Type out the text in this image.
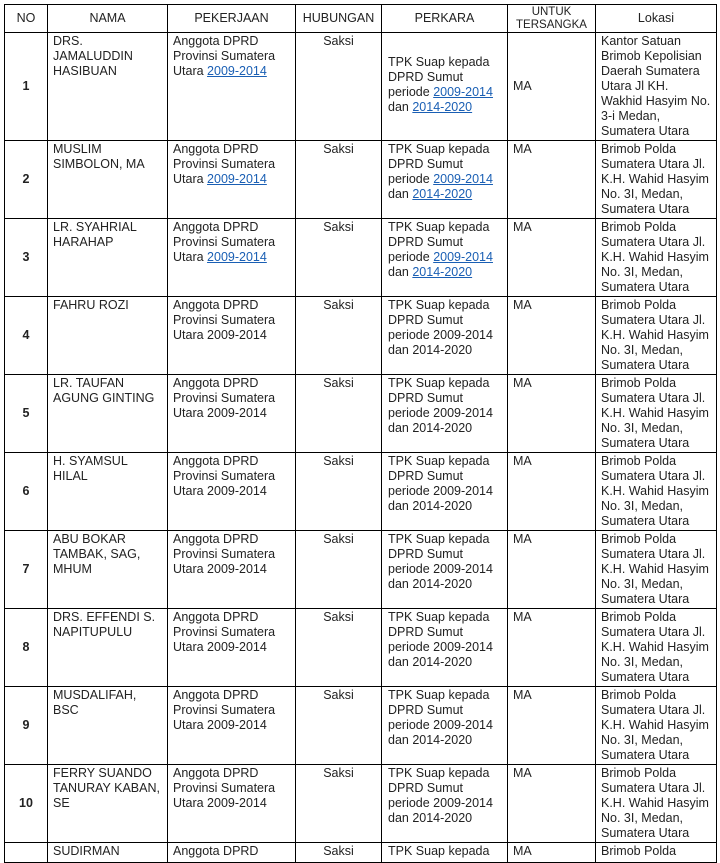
NO	NAMA	PEKERJAAN	HUBUNGAN	PERKARA	UNTUK TERSANGKA	Lokasi
1	DRS. JAMALUDDIN HASIBUAN	Anggota DPRD Provinsi Sumatera Utara 2009-2014	Saksi	TPK Suap kepada DPRD Sumut periode 2009-2014 dan 2014-2020	MA	Kantor Satuan Brimob Kepolisian Daerah Sumatera Utara Jl KH. Wakhid Hasyim No. 3-i Medan, Sumatera Utara
2	MUSLIM SIMBOLON, MA	Anggota DPRD Provinsi Sumatera Utara 2009-2014	Saksi	TPK Suap kepada DPRD Sumut periode 2009-2014 dan 2014-2020	MA	Brimob Polda Sumatera Utara Jl. K.H. Wahid Hasyim No. 3I, Medan, Sumatera Utara
3	LR. SYAHRIAL HARAHAP	Anggota DPRD Provinsi Sumatera Utara 2009-2014	Saksi	TPK Suap kepada DPRD Sumut periode 2009-2014 dan 2014-2020	MA	Brimob Polda Sumatera Utara Jl. K.H. Wahid Hasyim No. 3I, Medan, Sumatera Utara
4	FAHRU ROZI	Anggota DPRD Provinsi Sumatera Utara 2009-2014	Saksi	TPK Suap kepada DPRD Sumut periode 2009-2014 dan 2014-2020	MA	Brimob Polda Sumatera Utara Jl. K.H. Wahid Hasyim No. 3I, Medan, Sumatera Utara
5	LR. TAUFAN AGUNG GINTING	Anggota DPRD Provinsi Sumatera Utara 2009-2014	Saksi	TPK Suap kepada DPRD Sumut periode 2009-2014 dan 2014-2020	MA	Brimob Polda Sumatera Utara Jl. K.H. Wahid Hasyim No. 3I, Medan, Sumatera Utara
6	H. SYAMSUL HILAL	Anggota DPRD Provinsi Sumatera Utara 2009-2014	Saksi	TPK Suap kepada DPRD Sumut periode 2009-2014 dan 2014-2020	MA	Brimob Polda Sumatera Utara Jl. K.H. Wahid Hasyim No. 3I, Medan, Sumatera Utara
7	ABU BOKAR TAMBAK, SAG, MHUM	Anggota DPRD Provinsi Sumatera Utara 2009-2014	Saksi	TPK Suap kepada DPRD Sumut periode 2009-2014 dan 2014-2020	MA	Brimob Polda Sumatera Utara Jl. K.H. Wahid Hasyim No. 3I, Medan, Sumatera Utara
8	DRS. EFFENDI S. NAPITUPULU	Anggota DPRD Provinsi Sumatera Utara 2009-2014	Saksi	TPK Suap kepada DPRD Sumut periode 2009-2014 dan 2014-2020	MA	Brimob Polda Sumatera Utara Jl. K.H. Wahid Hasyim No. 3I, Medan, Sumatera Utara
9	MUSDALIFAH, BSC	Anggota DPRD Provinsi Sumatera Utara 2009-2014	Saksi	TPK Suap kepada DPRD Sumut periode 2009-2014 dan 2014-2020	MA	Brimob Polda Sumatera Utara Jl. K.H. Wahid Hasyim No. 3I, Medan, Sumatera Utara
10	FERRY SUANDO TANURAY KABAN, SE	Anggota DPRD Provinsi Sumatera Utara 2009-2014	Saksi	TPK Suap kepada DPRD Sumut periode 2009-2014 dan 2014-2020	MA	Brimob Polda Sumatera Utara Jl. K.H. Wahid Hasyim No. 3I, Medan, Sumatera Utara
	SUDIRMAN	Anggota DPRD	Saksi	TPK Suap kepada	MA	Brimob Polda
